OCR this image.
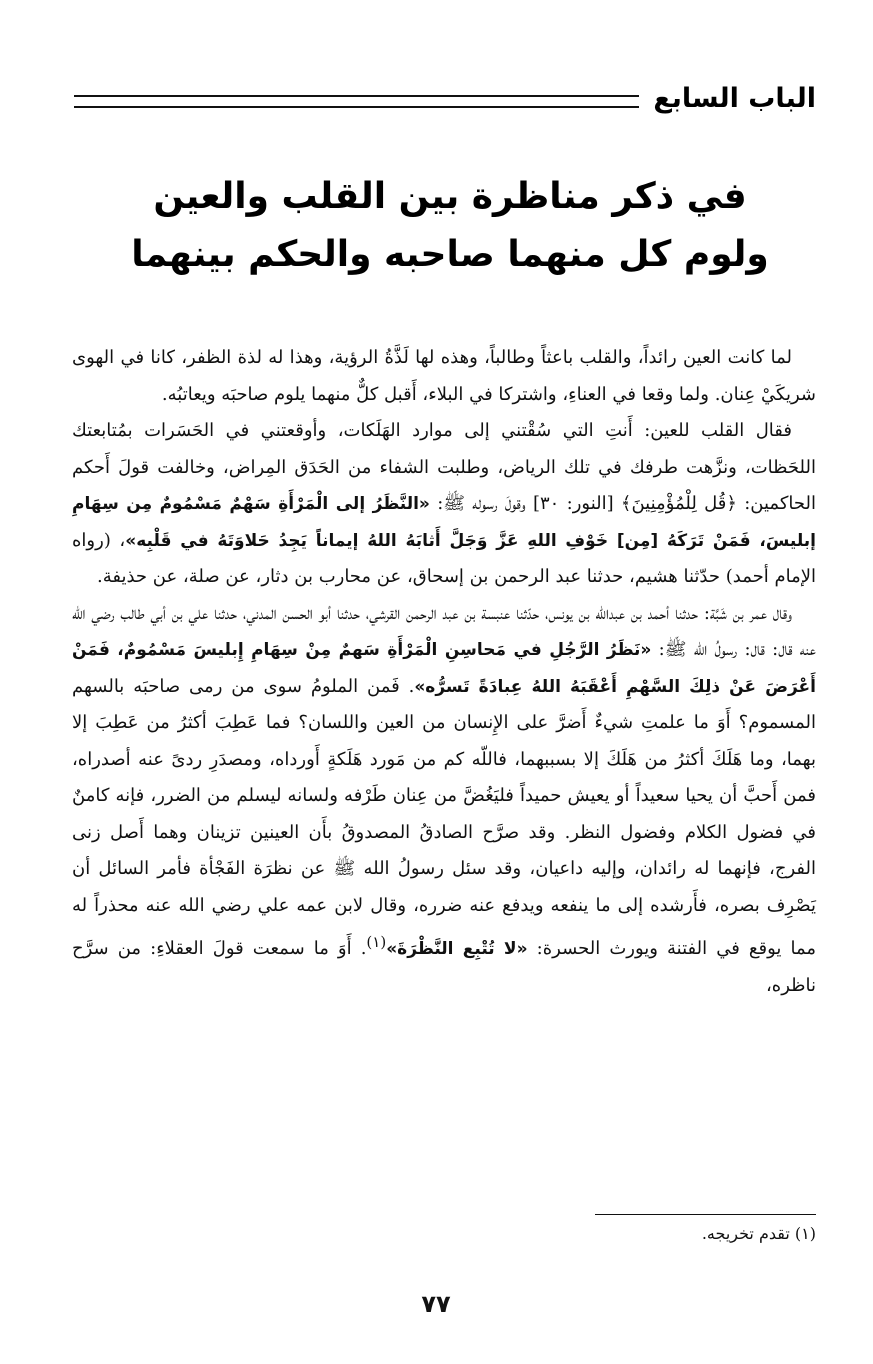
الباب السابع
في ذكر مناظرة بين القلب والعين
ولوم كل منهما صاحبه والحكم بينهما

لما كانت العين رائداً، والقلب باعثاً وطالباً، وهذه لها لَذَّةُ الرؤية، وهذا له لذة الظفر، كانا في الهوى شريكَيْ عِنان. ولما وقعا في العناءِ، واشتركا في البلاء، أَقبل كلٌّ منهما يلوم صاحبَه ويعاتبُه.

فقال القلب للعين: أَنتِ التي سُقْتني إلى موارد الهَلَكات، وأوقعتني في الحَسَرات بمُتابعتك اللحَظات، ونزَّهت طرفك في تلك الرياض، وطلبت الشفاء من الحَدَق المِراض، وخالفت قولَ أَحكم الحاكمين: ﴿قُل لِلْمُؤْمِنِينَ﴾ [النور: ٣٠] وقولَ رسوله ﷺ: «النَّظَرُ إلى الْمَرْأَةِ سَهْمٌ مَسْمُومٌ مِن سِهَامِ إبليسَ، فَمَنْ تَرَكَهُ [مِن] خَوْفِ اللهِ عَزَّ وَجَلَّ أَثابَهُ اللهُ إيماناً يَجِدُ حَلاوَتَهُ في قَلْبِه»، (رواه الإمام أحمد) حدّثنا هشيم، حدثنا عبد الرحمن بن إسحاق، عن محارب بن دثار، عن صلة، عن حذيفة.

وقال عمر بن شَبَّة: حدثنا أحمد بن عبدالله بن يونس، حدّثنا عنبسة بن عبد الرحمن القرشي، حدثنا أبو الحسن المدني، حدثنا علي بن أبي طالب رضي الله عنه قال: قال: رسولُ الله ﷺ: «نَظَرُ الرَّجُلِ في مَحاسِنِ الْمَرْأَةِ سَهمٌ مِنْ سِهَامِ إِبليسَ مَسْمُومٌ، فَمَنْ أَعْرَضَ عَنْ ذلِكَ السَّهْمِ أَعْقَبَهُ اللهُ عِبادَةً تَسرُّه». فَمن الملومُ سوى من رمى صاحبَه بالسهم المسموم؟ أَوَ ما علمتِ شيءٌ أَضرَّ على الإِنسان من العين واللسان؟ فما عَطِبَ أكثرُ من عَطِبَ إلا بهما، وما هَلَكَ أكثرُ من هَلَكَ إلا بسببهما، فاللّه كم من مَورد هَلَكةٍ أَورداه، ومصدَرِ ردىً عنه أصدراه، فمن أَحبَّ أن يحيا سعيداً أو يعيش حميداً فليَغُضَّ من عِنان طَرْفه ولسانه ليسلم من الضرر، فإنه كامنٌ في فضول الكلام وفضول النظر. وقد صرَّح الصادقُ المصدوقُ بأَن العينين تزينان وهما أَصل زنى الفرج، فإنهما له رائدان، وإليه داعيان، وقد سئل رسولُ الله ﷺ عن نظرَة الفَجْأة فأمر السائل أن يَصْرِف بصره، فأَرشده إلى ما ينفعه ويدفع عنه ضرره، وقال لابن عمه علي رضي الله عنه محذراً له مما يوقع في الفتنة ويورث الحسرة: «لا تُتْبِع النَّظْرَةَ»$^{(١)}$. أَوَ ما سمعت قولَ العقلاءِ: من سرَّح ناظره،

(١) تقدم تخريجه.
٧٧
